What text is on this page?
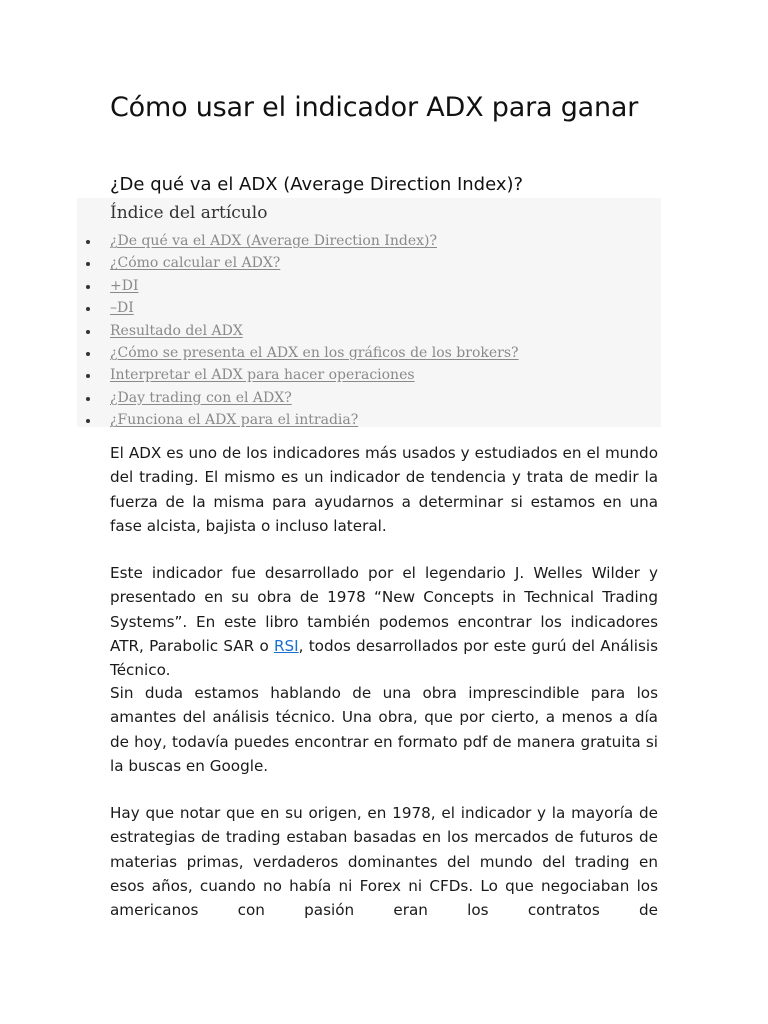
Cómo usar el indicador ADX para ganar
¿De qué va el ADX (Average Direction Index)?
Índice del artículo
¿De qué va el ADX (Average Direction Index)?
¿Cómo calcular el ADX?
+DI
–DI
Resultado del ADX
¿Cómo se presenta el ADX en los gráficos de los brokers?
Interpretar el ADX para hacer operaciones
¿Day trading con el ADX?
¿Funciona el ADX para el intradia?

El ADX es uno de los indicadores más usados y estudiados en el mundo del trading. El mismo es un indicador de tendencia y trata de medir la fuerza de la misma para ayudarnos a determinar si estamos en una fase alcista, bajista o incluso lateral.

Este indicador fue desarrollado por el legendario J. Welles Wilder y presentado en su obra de 1978 “New Concepts in Technical Trading Systems”. En este libro también podemos encontrar los indicadores ATR, Parabolic SAR o RSI, todos desarrollados por este gurú del Análisis Técnico.

Sin duda estamos hablando de una obra imprescindible para los amantes del análisis técnico. Una obra, que por cierto, a menos a día de hoy, todavía puedes encontrar en formato pdf de manera gratuita si la buscas en Google.

Hay que notar que en su origen, en 1978, el indicador y la mayoría de estrategias de trading estaban basadas en los mercados de futuros de materias primas, verdaderos dominantes del mundo del trading en esos años, cuando no había ni Forex ni CFDs. Lo que negociaban los americanos con pasión eran los contratos de
